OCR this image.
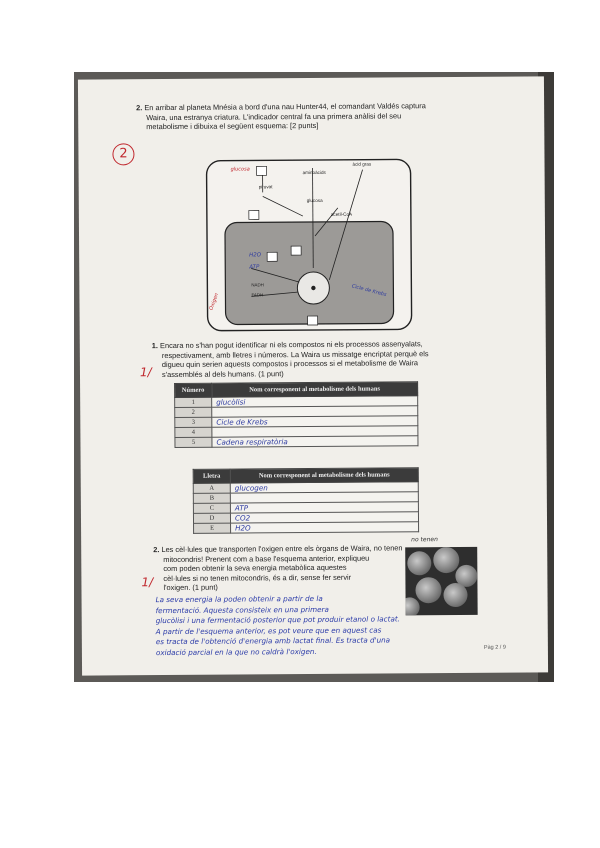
2. En arribar al planeta Mnésia a bord d'una nau Hunter44, el comandant Valdés captura
Waira, una estranya criatura. L'indicador central fa una primera anàlisi del seu
metabolisme i dibuixa el següent esquema: [2 punts]
2
aminoàcids
piruvat
glucosa
acetil-CoA
àcid gras
glucosa
Oxigen
H2O
ATP
Cicle de Krebs
NADH
FADH
1. Encara no s'han pogut identificar ni els compostos ni els processos assenyalats,
respectivament, amb lletres i números. La Waira us missatge encriptat perquè els
digueu quin serien aquests compostos i processos si el metabolisme de Waira
s'assemblés al dels humans. (1 punt)
1/
Número	Nom corresponent al metabolisme dels humans
1	glucòlisi
2	
3	Cicle de Krebs
4	
5	Cadena respiratòria
Lletra	Nom corresponent al metabolisme dels humans
A	glucogen
B	
C	ATP
D	CO2
E	H2O
2. Les cèl·lules que transporten l'oxigen entre els òrgans de Waira, no tenen
mitocondris! Prenent com a base l'esquema anterior, expliqueu
com poden obtenir la seva energia metabòlica aquestes
cèl·lules si no tenen mitocondris, és a dir, sense fer servir
l'oxigen. (1 punt)
1/
no tenen
La seva energia la poden obtenir a partir de la
fermentació. Aquesta consisteix en una primera
glucòlisi i una fermentació posterior que pot produir etanol o lactat.
A partir de l'esquema anterior, es pot veure que en aquest cas
es tracta de l'obtenció d'energia amb lactat final. Es tracta d'una
oxidació parcial en la que no caldrà l'oxigen.	Pàg 2 / 9
